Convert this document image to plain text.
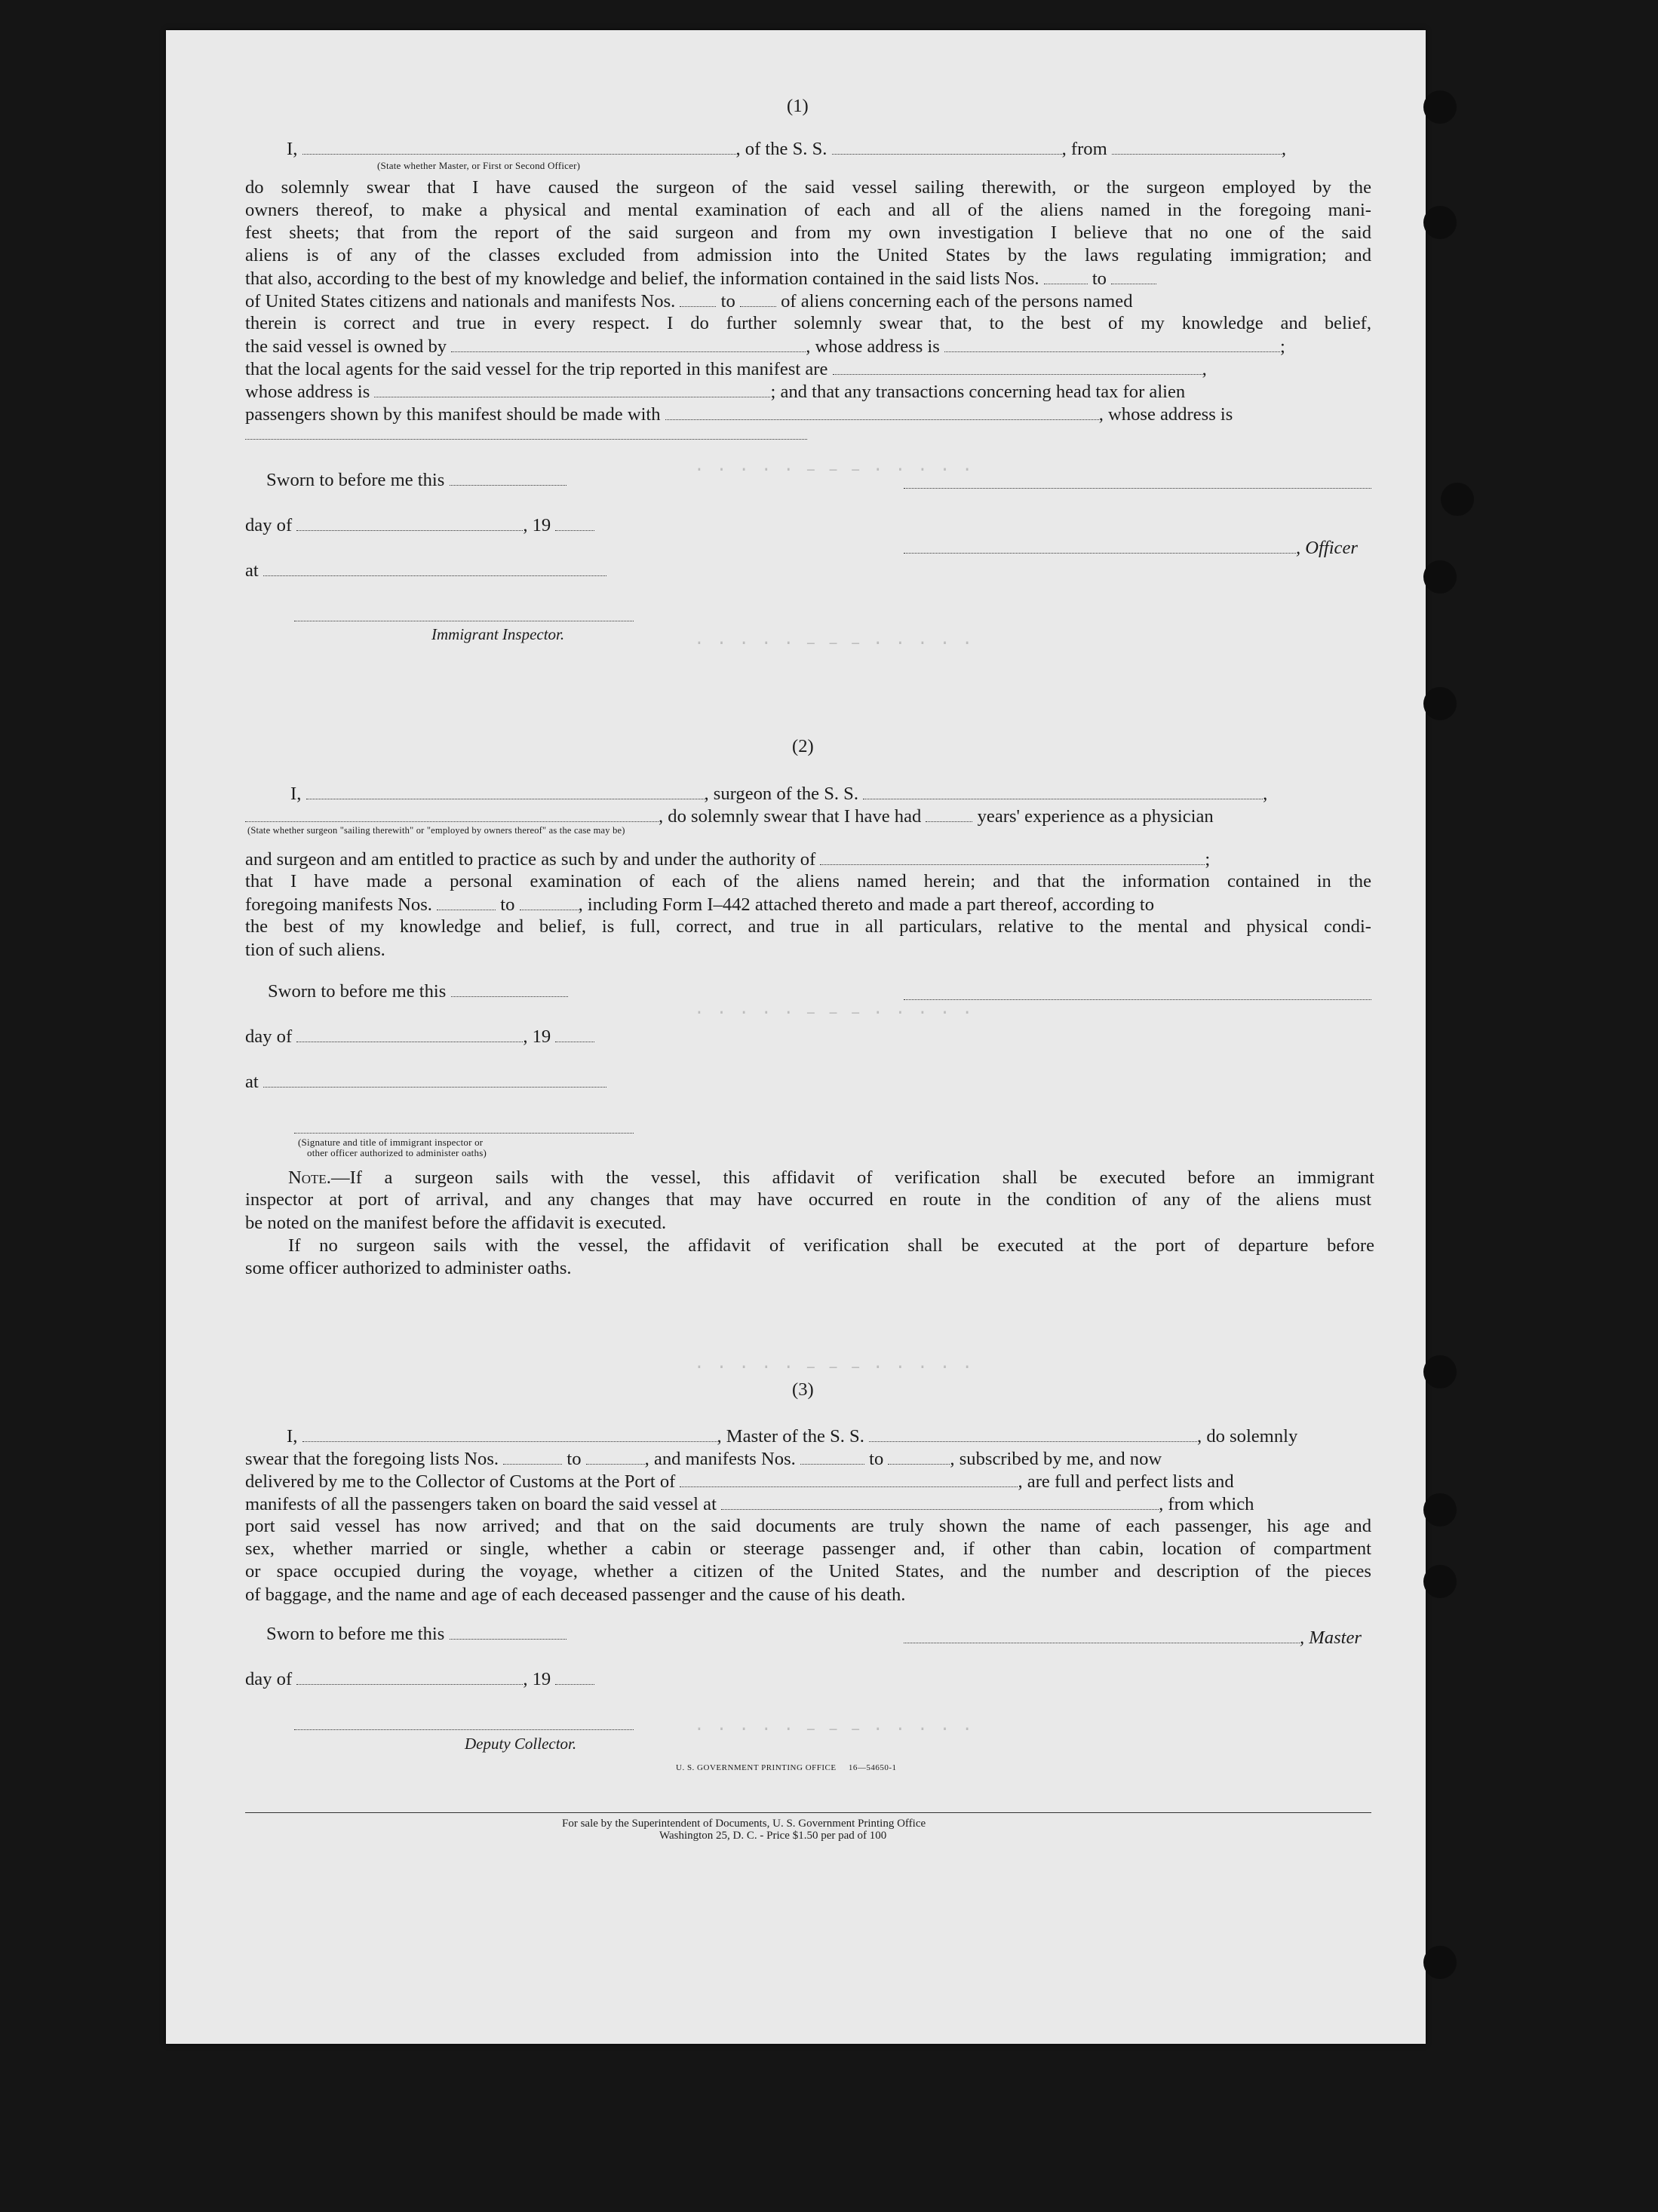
· · · · · – – – · · · · ·
· · · · · – – – · · · · ·
· · · · · – – – · · · · ·
· · · · · – – – · · · · ·
· · · · · – – – · · · · ·
(1)
I,	, of the S. S.	, from	,
(State whether Master, or First or Second Officer)
do solemnly swear that I have caused the surgeon of the said vessel sailing therewith, or the surgeon employed by the
owners thereof, to make a physical and mental examination of each and all of the aliens named in the foregoing mani-
fest sheets; that from the report of the said surgeon and from my own investigation I believe that no one of the said
aliens is of any of the classes excluded from admission into the United States by the laws regulating immigration; and
that also, according to the best of my knowledge and belief, the information contained in the said lists Nos.	to
of United States citizens and nationals and manifests Nos. to of aliens concerning each of the persons named
therein is correct and true in every respect. I do further solemnly swear that, to the best of my knowledge and belief,
the said vessel is owned by	, whose address is	;
that the local agents for the said vessel for the trip reported in this manifest are	,
whose address is	; and that any transactions concerning head tax for alien
passengers shown by this manifest should be made with	, whose address is
Sworn to before me this
day of	, 19
at
Immigrant Inspector.
, Officer
(2)
I,	, surgeon of the S. S.	,
, do solemnly swear that I have had	years' experience as a physician
(State whether surgeon "sailing therewith" or "employed by owners thereof" as the case may be)
and surgeon and am entitled to practice as such by and under the authority of	;
that I have made a personal examination of each of the aliens named herein; and that the information contained in the
foregoing manifests Nos.	to	, including Form I–442 attached thereto and made a part thereof, according to
the best of my knowledge and belief, is full, correct, and true in all particulars, relative to the mental and physical condi-
tion of such aliens.
Sworn to before me this
day of	, 19
at
(Signature and title of immigrant inspector or
other officer authorized to administer oaths)
Note.—If a surgeon sails with the vessel, this affidavit of verification shall be executed before an immigrant
inspector at port of arrival, and any changes that may have occurred en route in the condition of any of the aliens must
be noted on the manifest before the affidavit is executed.
If no surgeon sails with the vessel, the affidavit of verification shall be executed at the port of departure before
some officer authorized to administer oaths.
(3)
I,	, Master of the S. S.	, do solemnly
swear that the foregoing lists Nos.	to	, and manifests Nos.	to	, subscribed by me, and now
delivered by me to the Collector of Customs at the Port of	, are full and perfect lists and
manifests of all the passengers taken on board the said vessel at	, from which
port said vessel has now arrived; and that on the said documents are truly shown the name of each passenger, his age and
sex, whether married or single, whether a cabin or steerage passenger and, if other than cabin, location of compartment
or space occupied during the voyage, whether a citizen of the United States, and the number and description of the pieces
of baggage, and the name and age of each deceased passenger and the cause of his death.
Sworn to before me this
day of	, 19
, Master
Deputy Collector.
U. S. GOVERNMENT PRINTING OFFICE     16—54650-1
For sale by the Superintendent of Documents, U. S. Government Printing Office
Washington 25, D. C. - Price $1.50 per pad of 100
